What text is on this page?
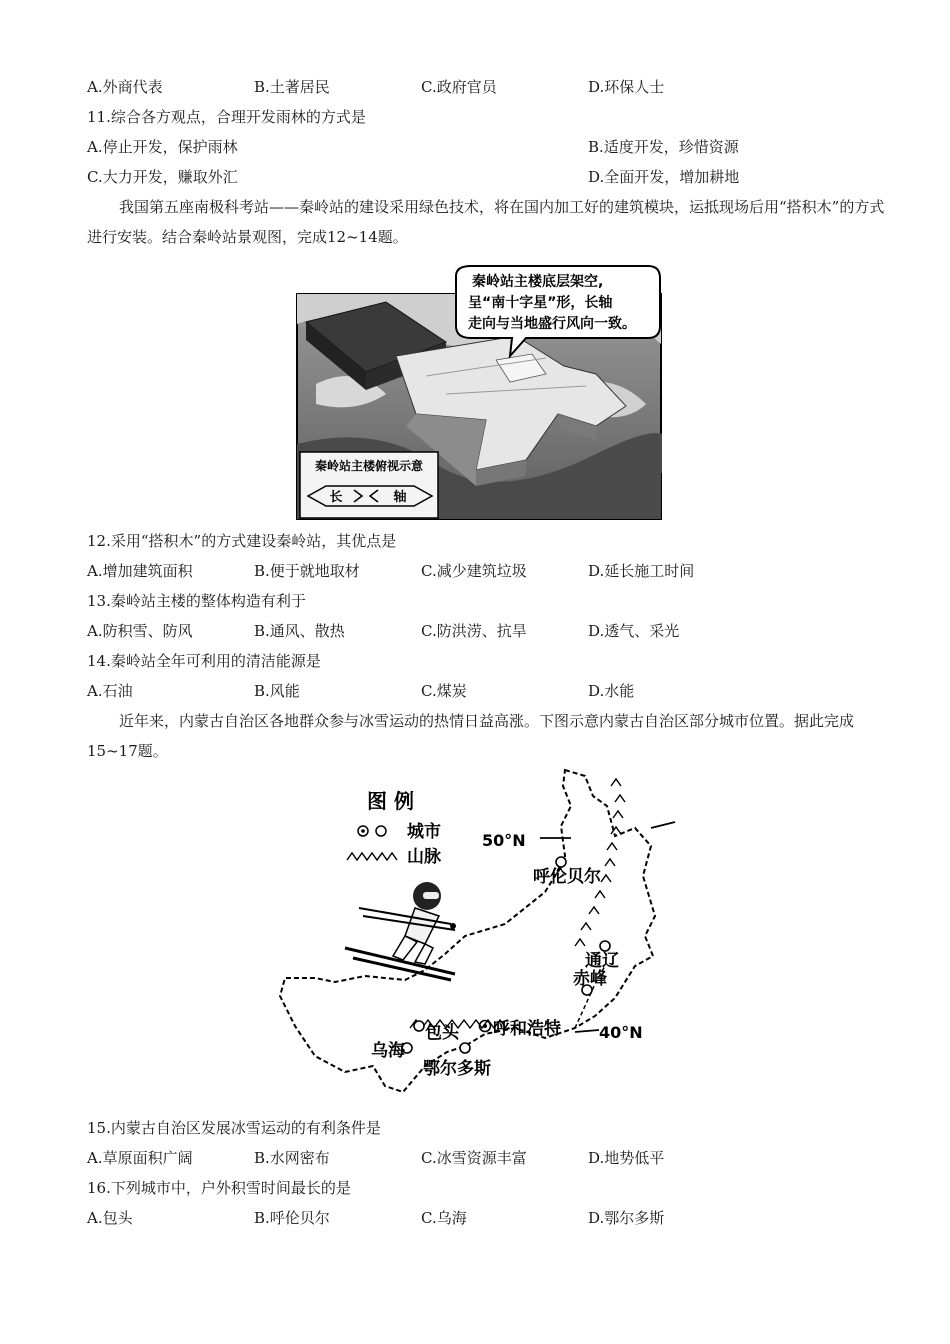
A.外商代表	B.土著居民	C.政府官员	D.环保人士
11.综合各方观点，合理开发雨林的方式是
A.停止开发，保护雨林	B.适度开发，珍惜资源
C.大力开发，赚取外汇	D.全面开发，增加耕地
我国第五座南极科考站——秦岭站的建设采用绿色技术，将在国内加工好的建筑模块，运抵现场后用“搭积木”的方式进行安装。结合秦岭站景观图，完成12~14题。
秦岭站主楼俯视示意
长	轴
秦岭站主楼底层架空,
呈“南十字星”形，长轴
走向与当地盛行风向一致。
12.采用“搭积木”的方式建设秦岭站，其优点是
A.增加建筑面积	B.便于就地取材	C.减少建筑垃圾	D.延长施工时间
13.秦岭站主楼的整体构造有利于
A.防积雪、防风	B.通风、散热	C.防洪涝、抗旱	D.透气、采光
14.秦岭站全年可利用的清洁能源是
A.石油	B.风能	C.煤炭	D.水能
近年来，内蒙古自治区各地群众参与冰雪运动的热情日益高涨。下图示意内蒙古自治区部分城市位置。据此完成15~17题。
50°N
40°N
图 例
城市
山脉
呼伦贝尔
通辽
赤峰
包头 呼和浩特
乌海
鄂尔多斯
15.内蒙古自治区发展冰雪运动的有利条件是
A.草原面积广阔	B.水网密布	C.冰雪资源丰富	D.地势低平
16.下列城市中，户外积雪时间最长的是
A.包头	B.呼伦贝尔	C.乌海	D.鄂尔多斯
